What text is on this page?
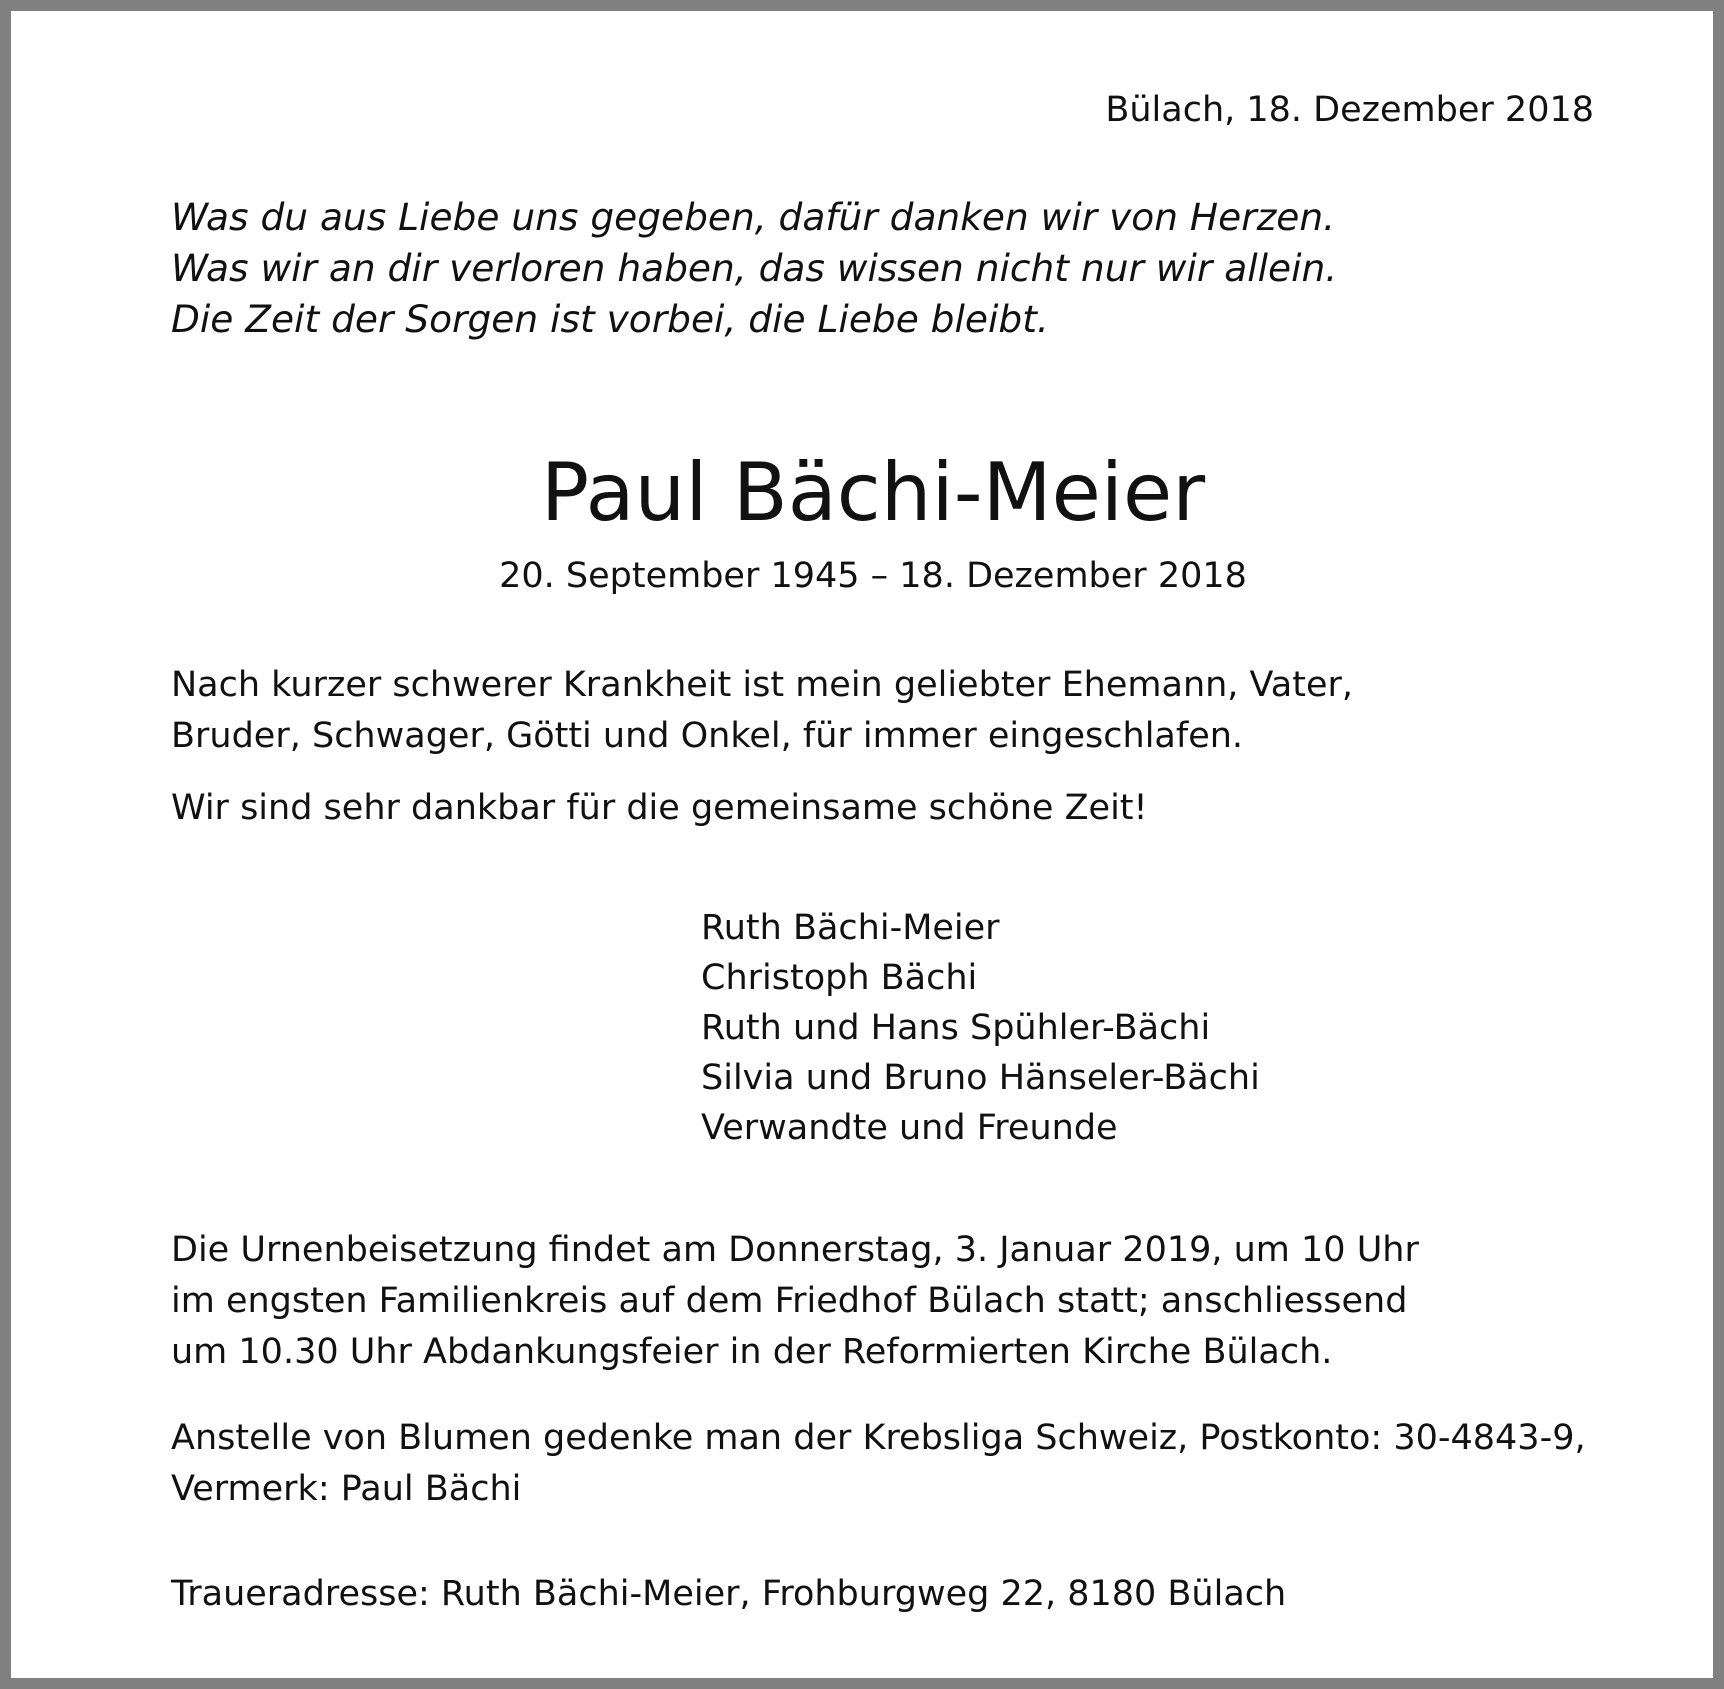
Bülach, 18. Dezember 2018
Was du aus Liebe uns gegeben, dafür danken wir von Herzen.
Was wir an dir verloren haben, das wissen nicht nur wir allein.
Die Zeit der Sorgen ist vorbei, die Liebe bleibt.
Paul Bächi-Meier
20. September 1945 – 18. Dezember 2018
Nach kurzer schwerer Krankheit ist mein geliebter Ehemann, Vater,
Bruder, Schwager, Götti und Onkel, für immer eingeschlafen.
Wir sind sehr dankbar für die gemeinsame schöne Zeit!
Ruth Bächi-Meier
Christoph Bächi
Ruth und Hans Spühler-Bächi
Silvia und Bruno Hänseler-Bächi
Verwandte und Freunde
Die Urnenbeisetzung findet am Donnerstag, 3. Januar 2019, um 10 Uhr
im engsten Familienkreis auf dem Friedhof Bülach statt; anschliessend
um 10.30 Uhr Abdankungsfeier in der Reformierten Kirche Bülach.
Anstelle von Blumen gedenke man der Krebsliga Schweiz, Postkonto: 30-4843-9,
Vermerk: Paul Bächi
Traueradresse: Ruth Bächi-Meier, Frohburgweg 22, 8180 Bülach
